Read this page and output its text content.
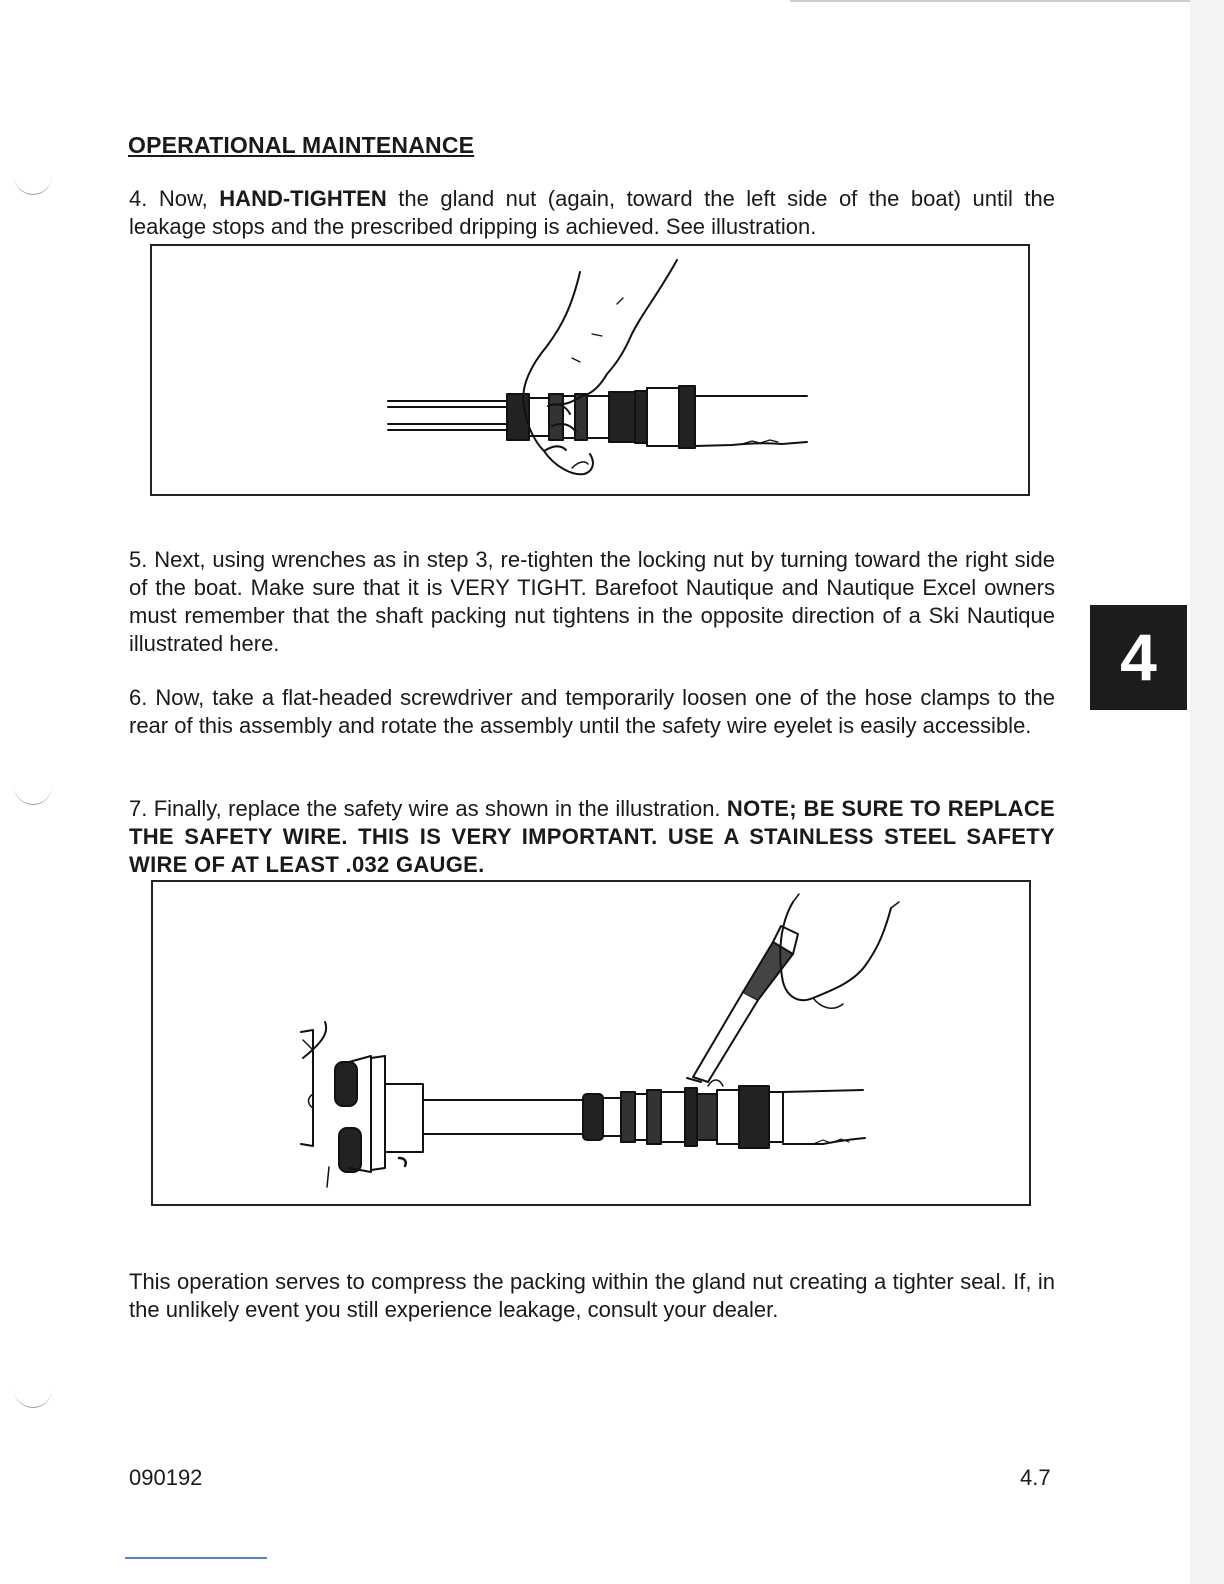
OPERATIONAL MAINTENANCE
4. Now, HAND-TIGHTEN the gland nut (again, toward the left side of the boat) until the leakage stops and the prescribed dripping is achieved. See illustration.
5. Next, using wrenches as in step 3, re-tighten the locking nut by turning toward the right side of the boat. Make sure that it is VERY TIGHT. Barefoot Nautique and Nautique Excel owners must remember that the shaft packing nut tightens in the opposite direction of a Ski Nautique illustrated here.	4
6. Now, take a flat-headed screwdriver and temporarily loosen one of the hose clamps to the rear of this assembly and rotate the assembly until the safety wire eyelet is easily accessible.
7. Finally, replace the safety wire as shown in the illustration. NOTE; BE SURE TO REPLACE THE SAFETY WIRE. THIS IS VERY IMPORTANT. USE A STAINLESS STEEL SAFETY WIRE OF AT LEAST .032 GAUGE.
This operation serves to compress the packing within the gland nut creating a tighter seal. If, in the unlikely event you still experience leakage, consult your dealer.
090192	4.7
